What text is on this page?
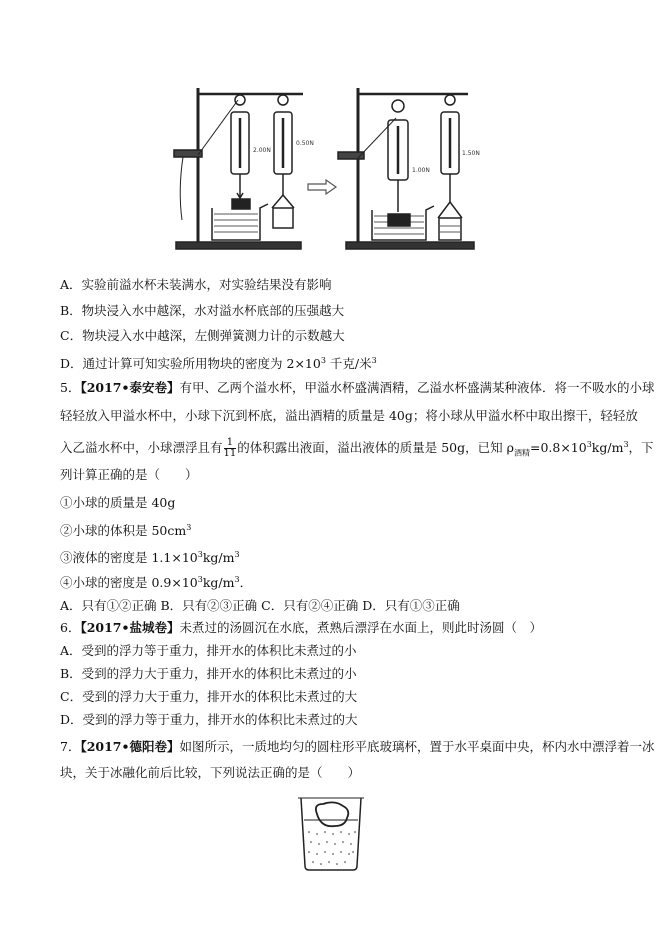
2.00N
0.50N
1.00N
1.50N
A．实验前溢水杯未装满水，对实验结果没有影响
B．物块浸入水中越深，水对溢水杯底部的压强越大
C．物块浸入水中越深，左侧弹簧测力计的示数越大
D．通过计算可知实验所用物块的密度为 $2\times 10^3$ 千克/米$^3$
5．【2017•泰安卷】有甲、乙两个溢水杯，甲溢水杯盛满酒精，乙溢水杯盛满某种液体．将一不吸水的小球
轻轻放入甲溢水杯中，小球下沉到杯底，溢出酒精的质量是 40g；将小球从甲溢水杯中取出擦干，轻轻放
入乙溢水杯中，小球漂浮且有 $\frac{1}{11}$ 的体积露出液面，溢出液体的质量是 50g，已知 $\rho_{酒精}=0.8\times 10^3kg/m^3$，下
列计算正确的是（　　）
①小球的质量是 40g
②小球的体积是 $50cm^3$
③液体的密度是 $1.1\times 10^3kg/m^3$
④小球的密度是 $0.9\times 10^3kg/m^3$．
A．只有①②正确 B．只有②③正确 C．只有②④正确 D．只有①③正确
6．【2017•盐城卷】未煮过的汤圆沉在水底，煮熟后漂浮在水面上，则此时汤圆（　）
A．受到的浮力等于重力，排开水的体积比未煮过的小
B．受到的浮力大于重力，排开水的体积比未煮过的小
C．受到的浮力大于重力，排开水的体积比未煮过的大
D．受到的浮力等于重力，排开水的体积比未煮过的大
7．【2017•德阳卷】如图所示，一质地均匀的圆柱形平底玻璃杯，置于水平桌面中央，杯内水中漂浮着一冰
块，关于冰融化前后比较，下列说法正确的是（　　）
